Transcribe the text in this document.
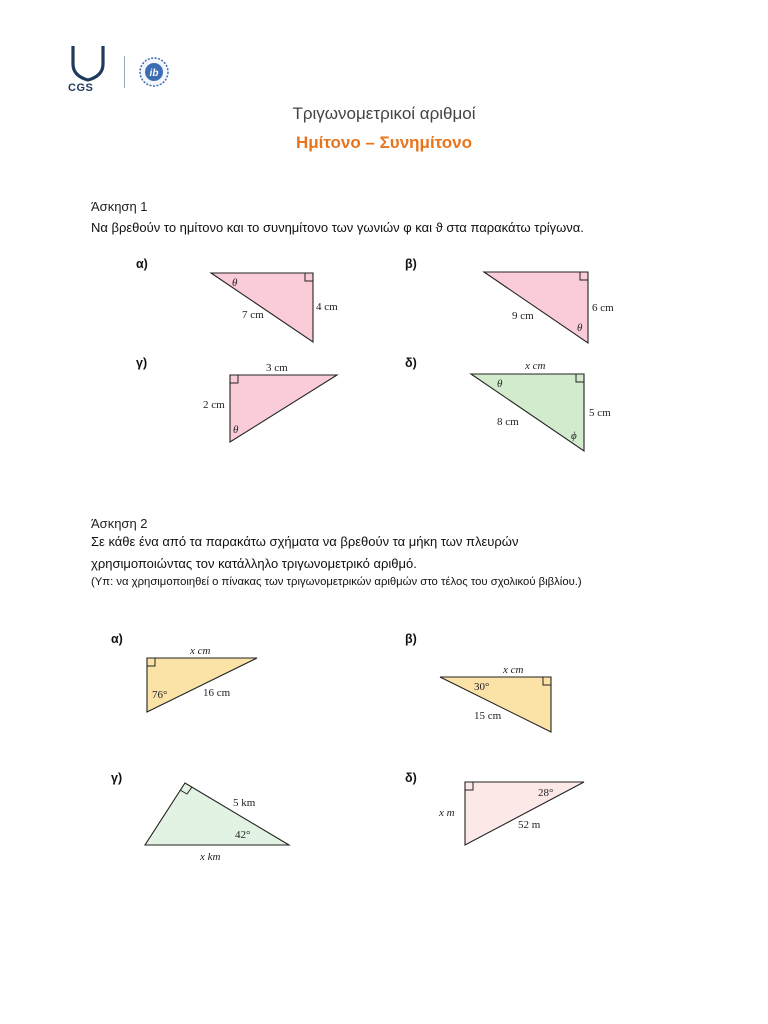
CGS
ib
Τριγωνομετρικοί αριθμοί
Ημίτονο – Συνημίτονο
Άσκηση 1
Να βρεθούν το ημίτονο και το συνημίτονο των γωνιών φ και ϑ στα παρακάτω τρίγωνα.
α)	β)
γ)	δ)
Άσκηση 2
Σε κάθε ένα από τα παρακάτω σχήματα να βρεθούν τα μήκη των πλευρών
χρησιμοποιώντας τον κατάλληλο τριγωνομετρικό αριθμό.
(Υπ: να χρησιμοποιηθεί ο πίνακας των τριγωνομετρικών αριθμών στο τέλος του σχολικού βιβλίου.)
α)	β)
γ)	δ)
θ
7 cm
4 cm
θ
9 cm
6 cm
θ
3 cm
2 cm
x cm
θ
ϕ
8 cm
5 cm
x cm
76°	16 cm
x cm
30°
15 cm
5 km
42°
x km
28°
x m
52 m
